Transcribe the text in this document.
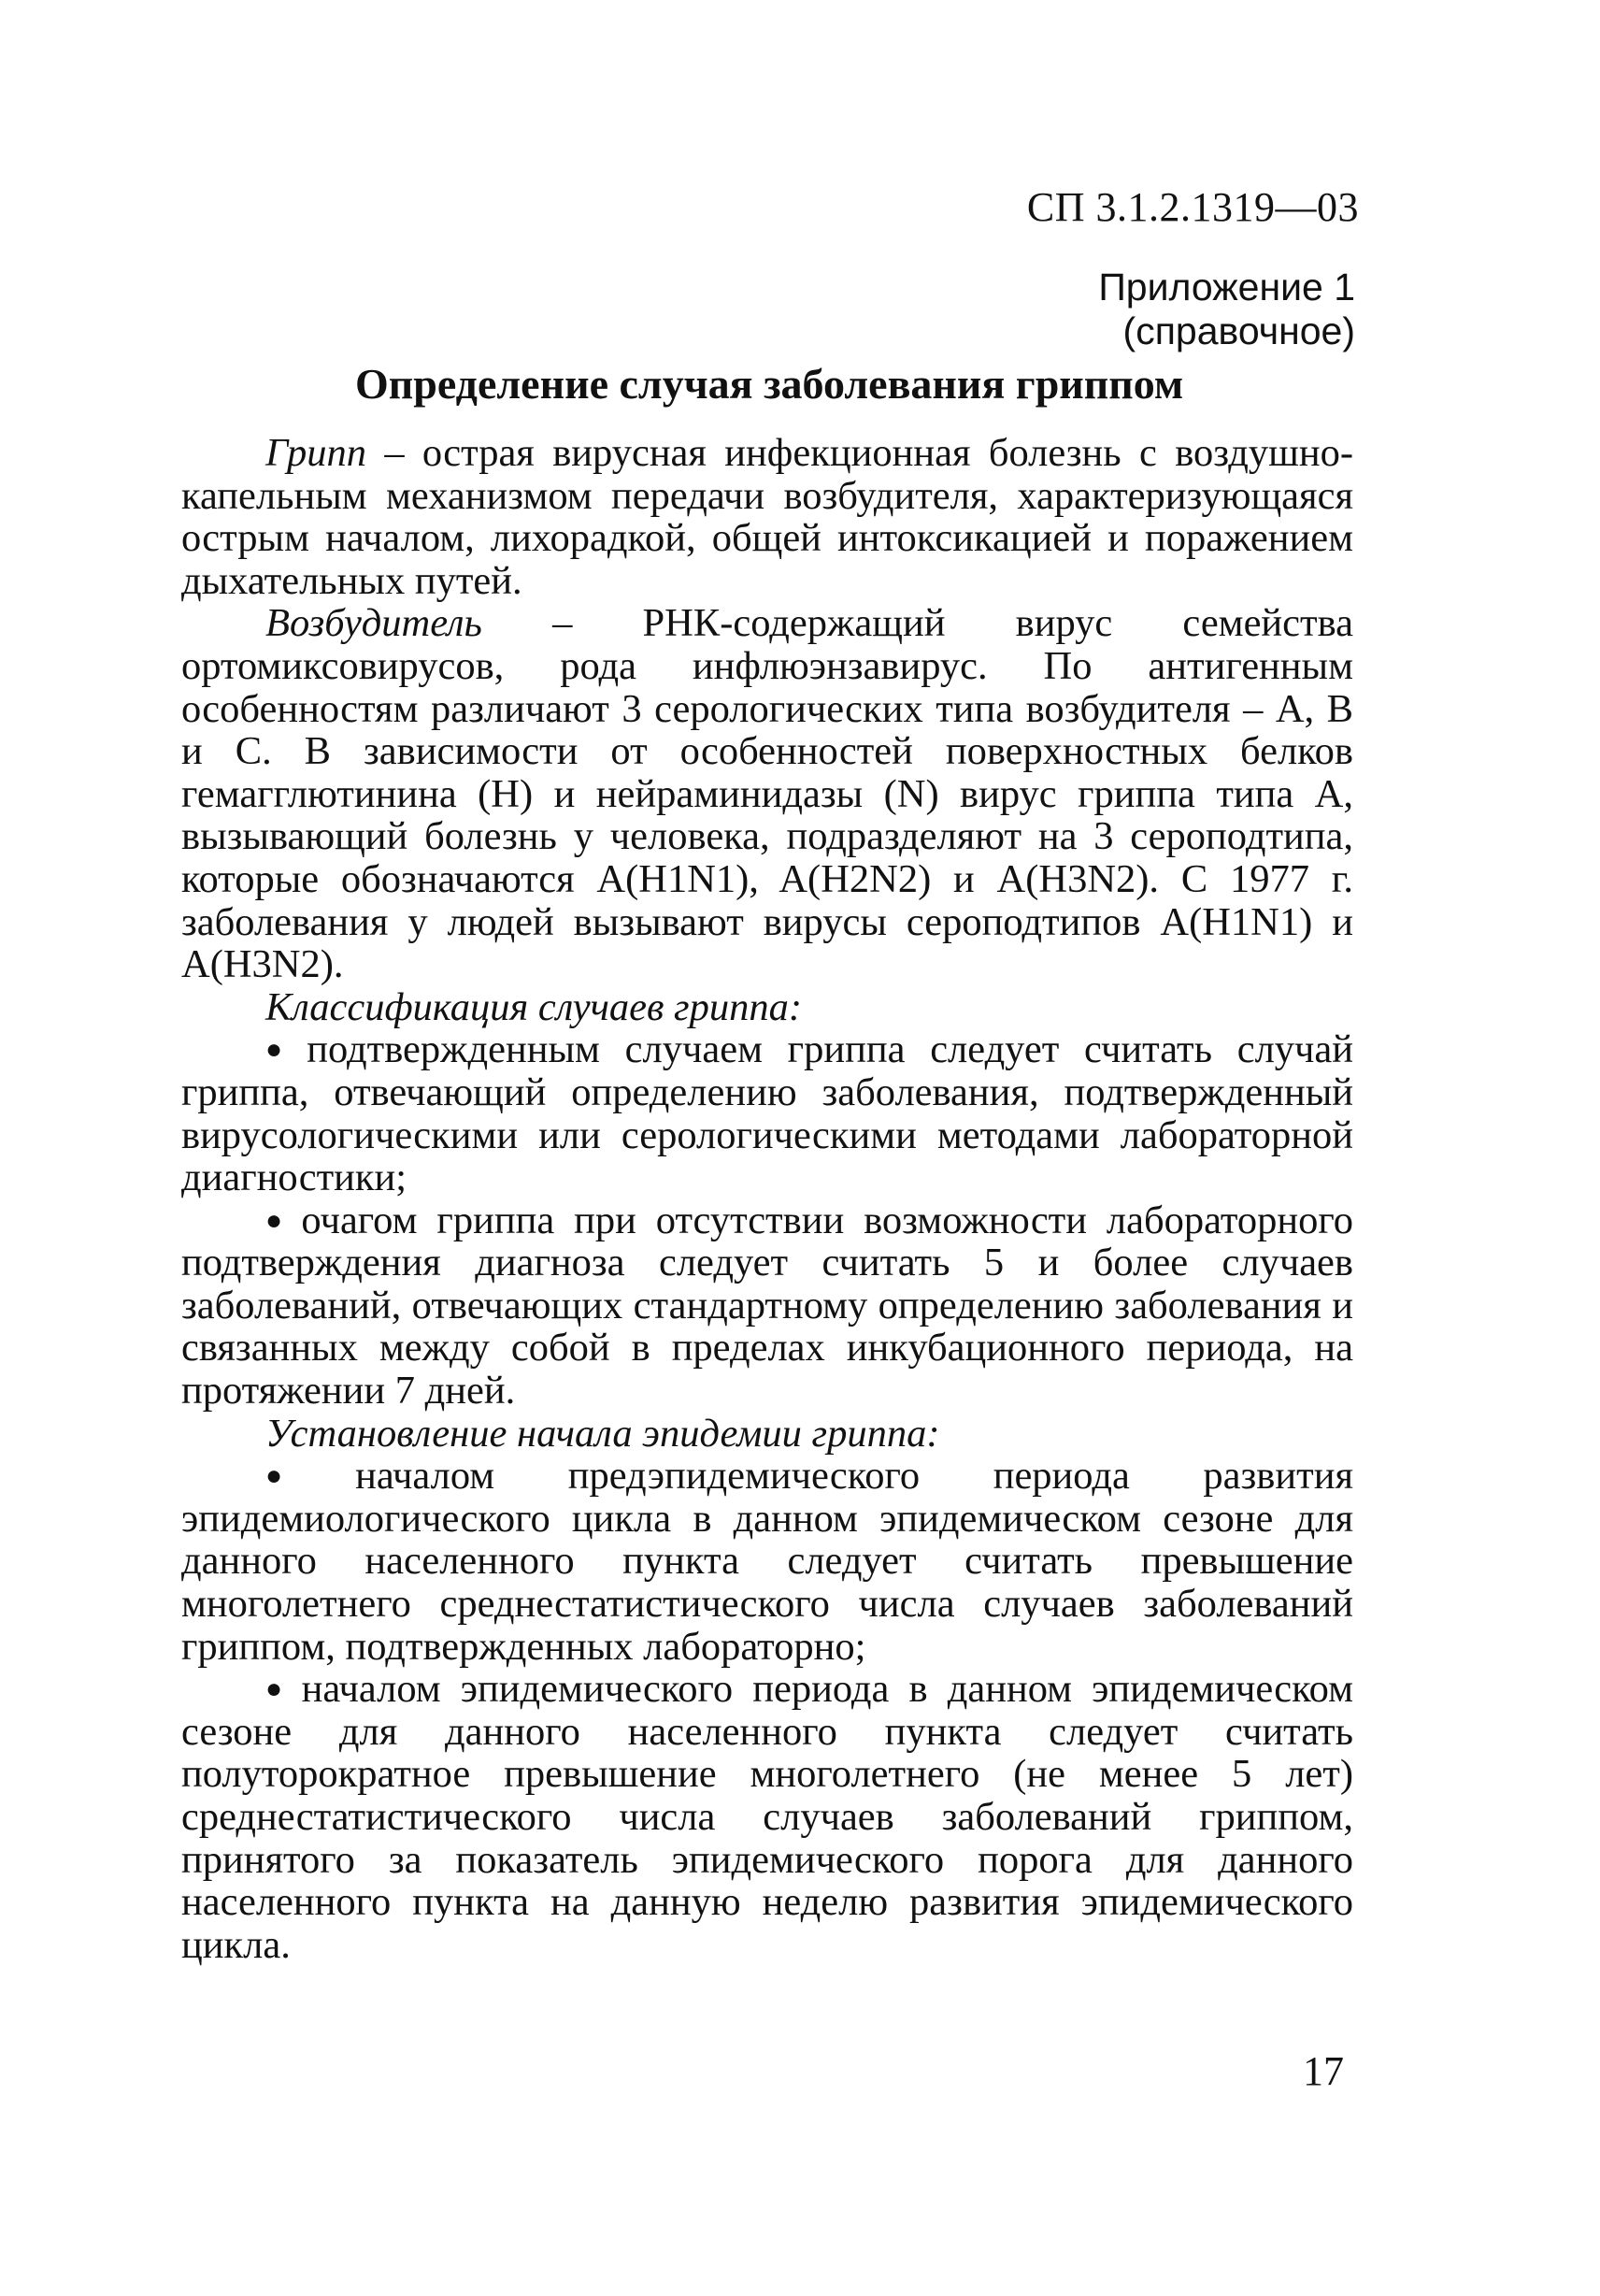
СП 3.1.2.1319—03
Приложение 1
(справочное)
Определение случая заболевания гриппом

Грипп – острая вирусная инфекционная болезнь с воздушно-капельным механизмом передачи возбудителя, характеризующаяся острым началом, лихорадкой, общей интоксикацией и поражением дыхательных путей.

Возбудитель – РНК-содержащий вирус семейства ортомиксовирусов, рода инфлюэнзавирус. По антигенным особенностям различают 3 серологических типа возбудителя – А, В и С. В зависимости от особенностей поверхностных белков гемагглютинина (H) и нейраминидазы (N) вирус гриппа типа А, вызывающий болезнь у человека, подразделяют на 3 сероподтипа, которые обозначаются A(H1N1), A(H2N2) и A(H3N2). С 1977 г. заболевания у людей вызывают вирусы сероподтипов A(H1N1) и A(H3N2).

Классификация случаев гриппа:

● подтвержденным случаем гриппа следует считать случай гриппа, отвечающий определению заболевания, подтвержденный вирусологическими или серологическими методами лабораторной диагностики;

● очагом гриппа при отсутствии возможности лабораторного подтверждения диагноза следует считать 5 и более случаев заболеваний, отвечающих стандартному определению заболевания и связанных между собой в пределах инкубационного периода, на протяжении 7 дней.

Установление начала эпидемии гриппа:

● началом предэпидемического периода развития эпидемиологического цикла в данном эпидемическом сезоне для данного населенного пункта следует считать превышение многолетнего среднестатистического числа случаев заболеваний гриппом, подтвержденных лабораторно;

● началом эпидемического периода в данном эпидемическом сезоне для данного населенного пункта следует считать полуторократное превышение многолетнего (не менее 5 лет) среднестатистического числа случаев заболеваний гриппом, принятого за показатель эпидемического порога для данного населенного пункта на данную неделю развития эпидемического цикла.

17
